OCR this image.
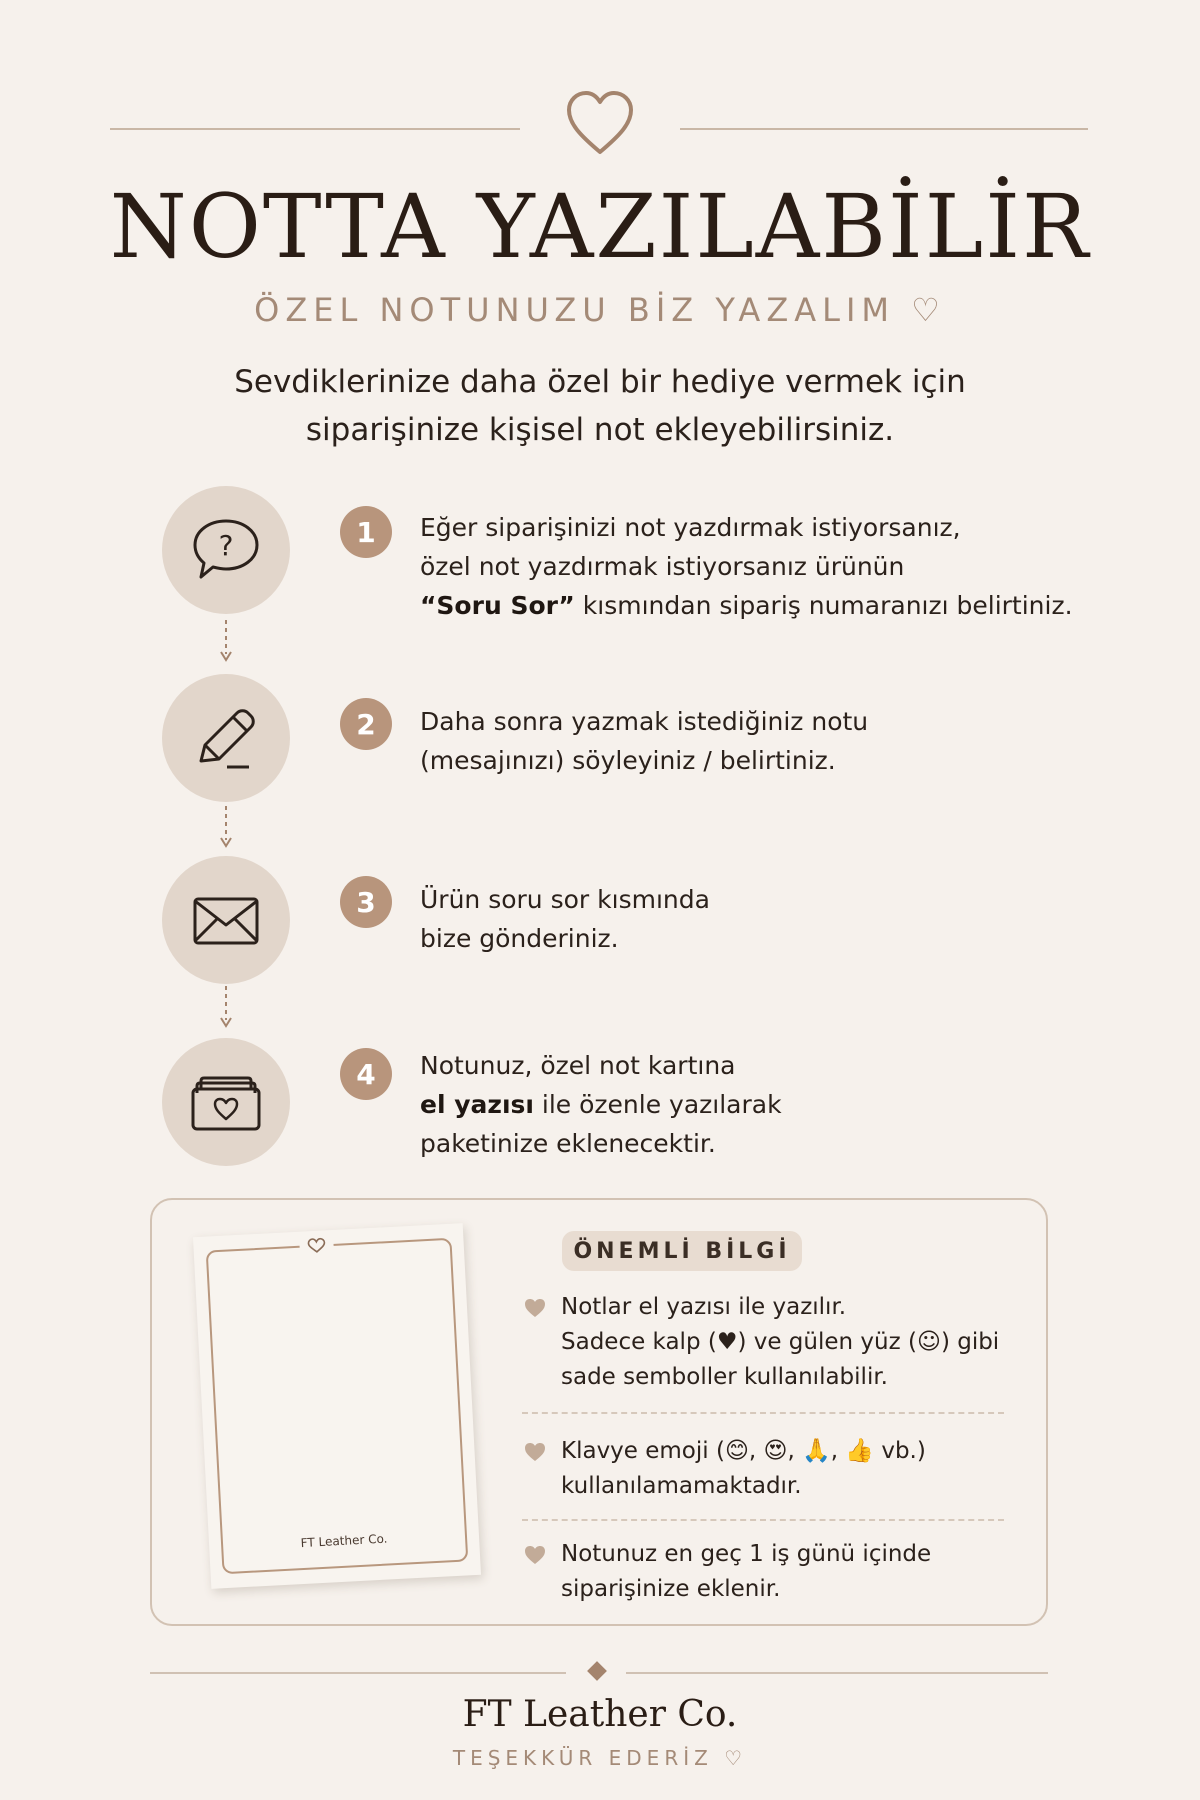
NOTTA YAZILABİLİR
ÖZEL NOTUNUZU BİZ YAZALIM ♡
Sevdiklerinize daha özel bir hediye vermek için
siparişinize kişisel not ekleyebilirsiniz.
?	1	Eğer siparişinizi not yazdırmak istiyorsanız,
özel not yazdırmak istiyorsanız ürünün
“Soru Sor” kısmından sipariş numaranızı belirtiniz.
2	Daha sonra yazmak istediğiniz notu
(mesajınızı) söyleyiniz / belirtiniz.
3	Ürün soru sor kısmında
bize gönderiniz.
4	Notunuz, özel not kartına
el yazısı ile özenle yazılarak
paketinize eklenecektir.
FT Leather Co.
ÖNEMLİ BİLGİ
Notlar el yazısı ile yazılır.
Sadece kalp (♥) ve gülen yüz (☺) gibi
sade semboller kullanılabilir.
Klavye emoji (😊, 😍, 🙏, 👍 vb.)
kullanılamamaktadır.
Notunuz en geç 1 iş günü içinde
siparişinize eklenir.
FT Leather Co.
TEŞEKKÜR EDERİZ ♡
